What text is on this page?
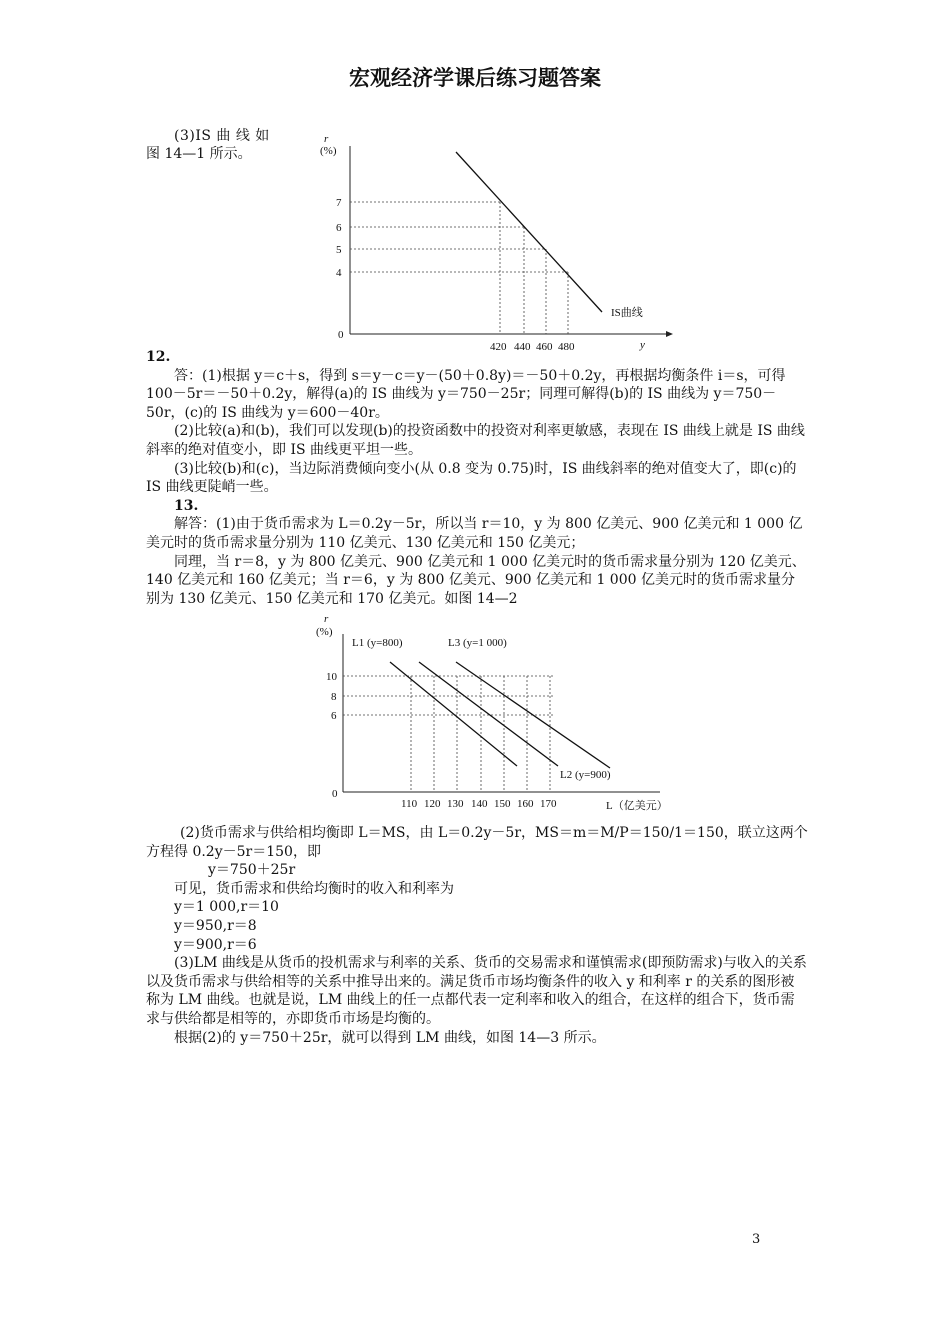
宏观经济学课后练习题答案
(3)IS 曲 线 如
图 14—1 所示。
r
(%)
0
y
IS曲线
420 440 460 480
7
6
5
4

12.

答：(1)根据 y＝c＋s，得到 s＝y－c＝y－(50＋0.8y)＝－50＋0.2y，再根据均衡条件 i＝s，可得 100－5r＝－50＋0.2y，解得(a)的 IS 曲线为 y＝750－25r；同理可解得(b)的 IS 曲线为 y＝750－50r，(c)的 IS 曲线为 y＝600－40r。

(2)比较(a)和(b)，我们可以发现(b)的投资函数中的投资对利率更敏感，表现在 IS 曲线上就是 IS 曲线斜率的绝对值变小，即 IS 曲线更平坦一些。

(3)比较(b)和(c)，当边际消费倾向变小(从 0.8 变为 0.75)时，IS 曲线斜率的绝对值变大了，即(c)的 IS 曲线更陡峭一些。

13.

解答：(1)由于货币需求为 L＝0.2y－5r，所以当 r＝10，y 为 800 亿美元、900 亿美元和 1 000 亿美元时的货币需求量分别为 110 亿美元、130 亿美元和 150 亿美元；

同理，当 r＝8，y 为 800 亿美元、900 亿美元和 1 000 亿美元时的货币需求量分别为 120 亿美元、140 亿美元和 160 亿美元；当 r＝6，y 为 800 亿美元、900 亿美元和 1 000 亿美元时的货币需求量分别为 130 亿美元、150 亿美元和 170 亿美元。如图 14—2

r
(%)
0
L（亿美元）
L1 (y=800)	L3 (y=1 000)
L2 (y=900)
110 120 130 140 150 160 170
10
8
6

(2)货币需求与供给相均衡即 L＝MS，由 L＝0.2y－5r，MS＝m＝M/P＝150/1＝150，联立这两个方程得 0.2y－5r＝150，即

y＝750＋25r

可见，货币需求和供给均衡时的收入和利率为

y＝1 000,r＝10

y＝950,r＝8

y＝900,r＝6

(3)LM 曲线是从货币的投机需求与利率的关系、货币的交易需求和谨慎需求(即预防需求)与收入的关系以及货币需求与供给相等的关系中推导出来的。满足货币市场均衡条件的收入 y 和利率 r 的关系的图形被称为 LM 曲线。也就是说，LM 曲线上的任一点都代表一定利率和收入的组合，在这样的组合下，货币需求与供给都是相等的，亦即货币市场是均衡的。

根据(2)的 y＝750＋25r，就可以得到 LM 曲线，如图 14—3 所示。

3
